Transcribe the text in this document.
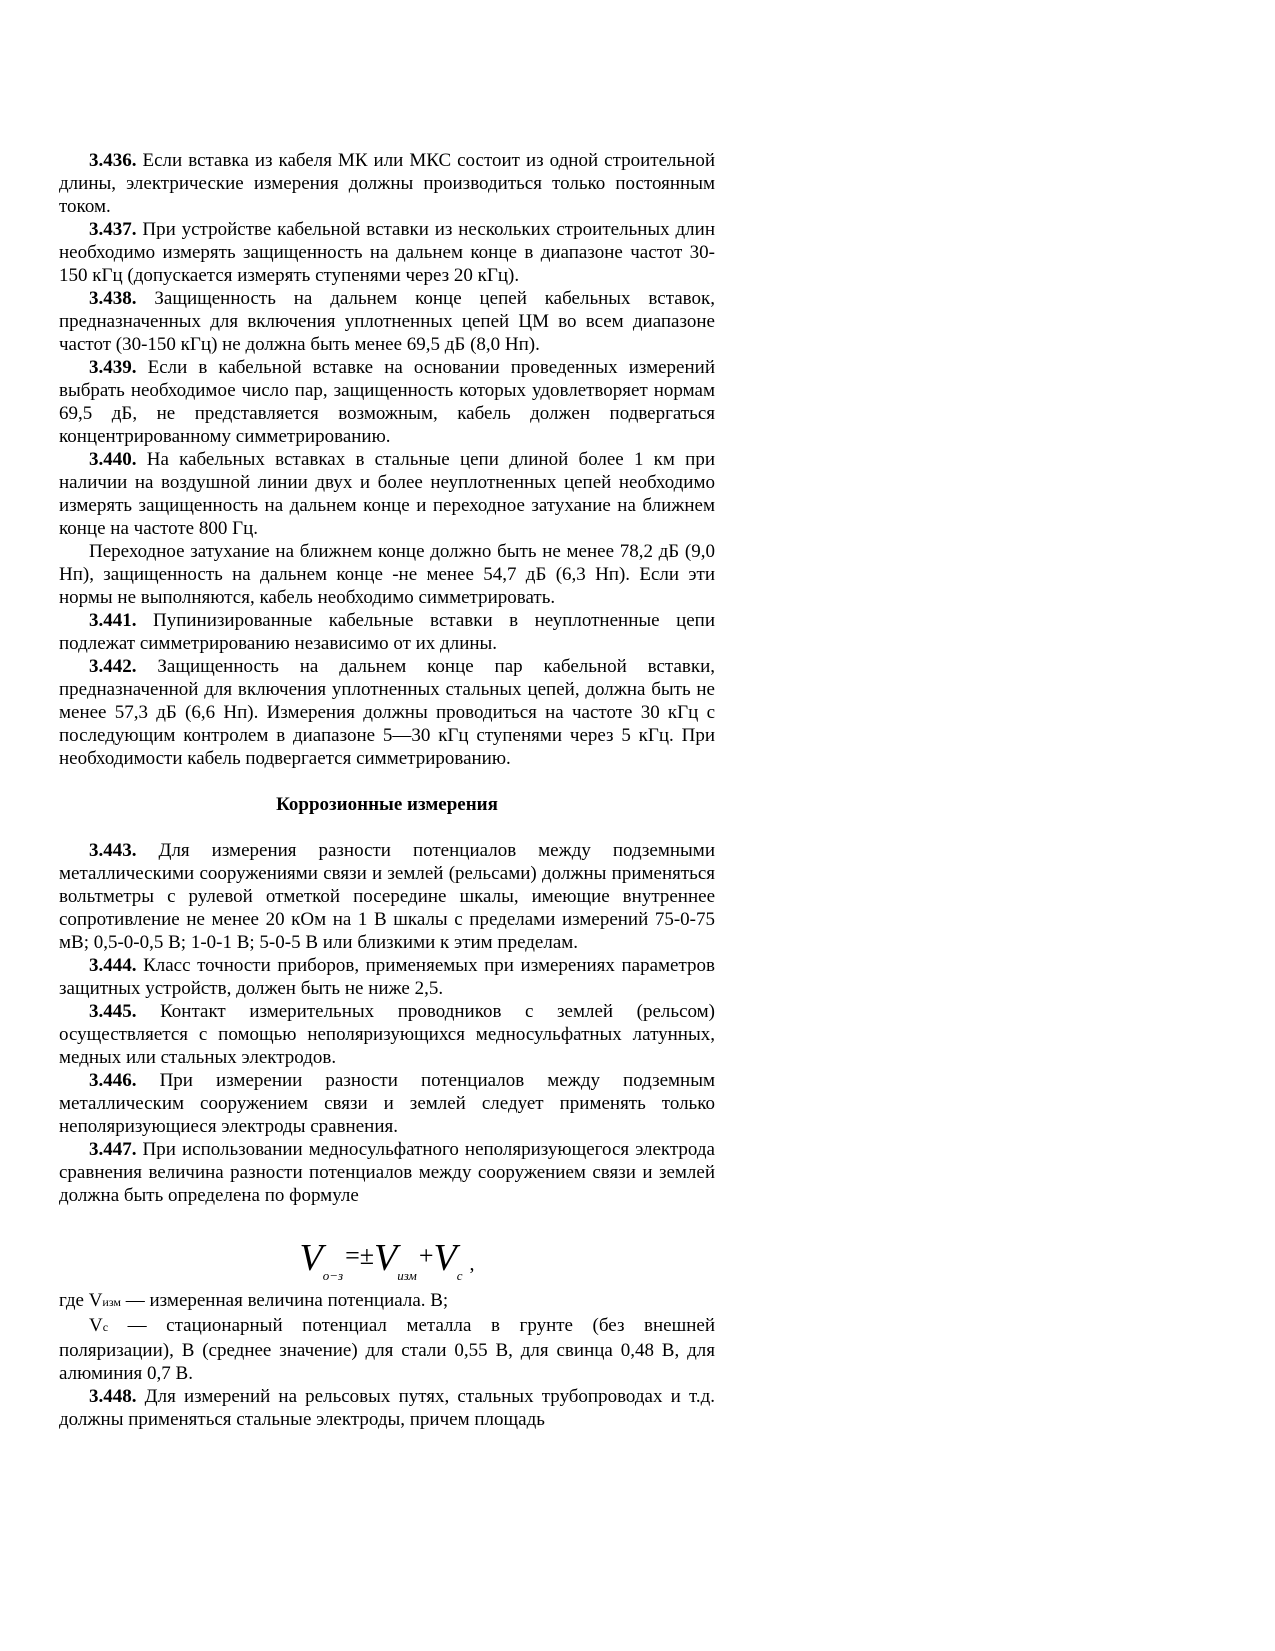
3.436. Если вставка из кабеля МК или МКС состоит из одной строительной длины, электрические измерения должны производиться только постоянным током.

3.437. При устройстве кабельной вставки из нескольких строительных длин необходимо измерять защищенность на дальнем конце в диапазоне частот 30-150 кГц (допускается измерять ступенями через 20 кГц).

3.438. Защищенность на дальнем конце цепей кабельных вставок, предназначенных для включения уплотненных цепей ЦМ во всем диапазоне частот (30-150 кГц) не должна быть менее 69,5 дБ (8,0 Нп).

3.439. Если в кабельной вставке на основании проведенных измерений выбрать необходимое число пар, защищенность которых удовлетворяет нормам 69,5 дБ, не представляется возможным, кабель должен подвергаться концентрированному симметрированию.

3.440. На кабельных вставках в стальные цепи длиной более 1 км при наличии на воздушной линии двух и более неуплотненных цепей необходимо измерять защищенность на дальнем конце и переходное затухание на ближнем конце на частоте 800 Гц.

Переходное затухание на ближнем конце должно быть не менее 78,2 дБ (9,0 Нп), защищенность на дальнем конце -не менее 54,7 дБ (6,3 Нп). Если эти нормы не выполняются, кабель необходимо симметрировать.

3.441. Пупинизированные кабельные вставки в неуплотненные цепи подлежат симметрированию независимо от их длины.

3.442. Защищенность на дальнем конце пар кабельной вставки, предназначенной для включения уплотненных стальных цепей, должна быть не менее 57,3 дБ (6,6 Нп). Измерения должны проводиться на частоте 30 кГц с последующим контролем в диапазоне 5—30 кГц ступенями через 5 кГц. При необходимости кабель подвергается симметрированию.

Коррозионные измерения

3.443. Для измерения разности потенциалов между подземными металлическими сооружениями связи и землей (рельсами) должны применяться вольтметры с рулевой отметкой посередине шкалы, имеющие внутреннее сопротивление не менее 20 кОм на 1 В шкалы с пределами измерений 75-0-75 мВ; 0,5-0-0,5 В; 1-0-1 В; 5-0-5 В или близкими к этим пределам.

3.444. Класс точности приборов, применяемых при измерениях параметров защитных устройств, должен быть не ниже 2,5.

3.445. Контакт измерительных проводников с землей (рельсом) осуществляется с помощью неполяризующихся медносульфатных латунных, медных или стальных электродов.

3.446. При измерении разности потенциалов между подземным металлическим сооружением связи и землей следует применять только неполяризующиеся электроды сравнения.

3.447. При использовании медносульфатного неполяризующегося электрода сравнения величина разности потенциалов между сооружением связи и землей должна быть определена по формуле

$V_{о-з}=\pm V_{изм}+V_с$ ,

где Vизм — измеренная величина потенциала. В;

Vс — стационарный потенциал металла в грунте (без внешней поляризации), В (среднее значение) для стали 0,55 В, для свинца 0,48 В, для алюминия 0,7 В.

3.448. Для измерений на рельсовых путях, стальных трубопроводах и т.д. должны применяться стальные электроды, причем площадь
